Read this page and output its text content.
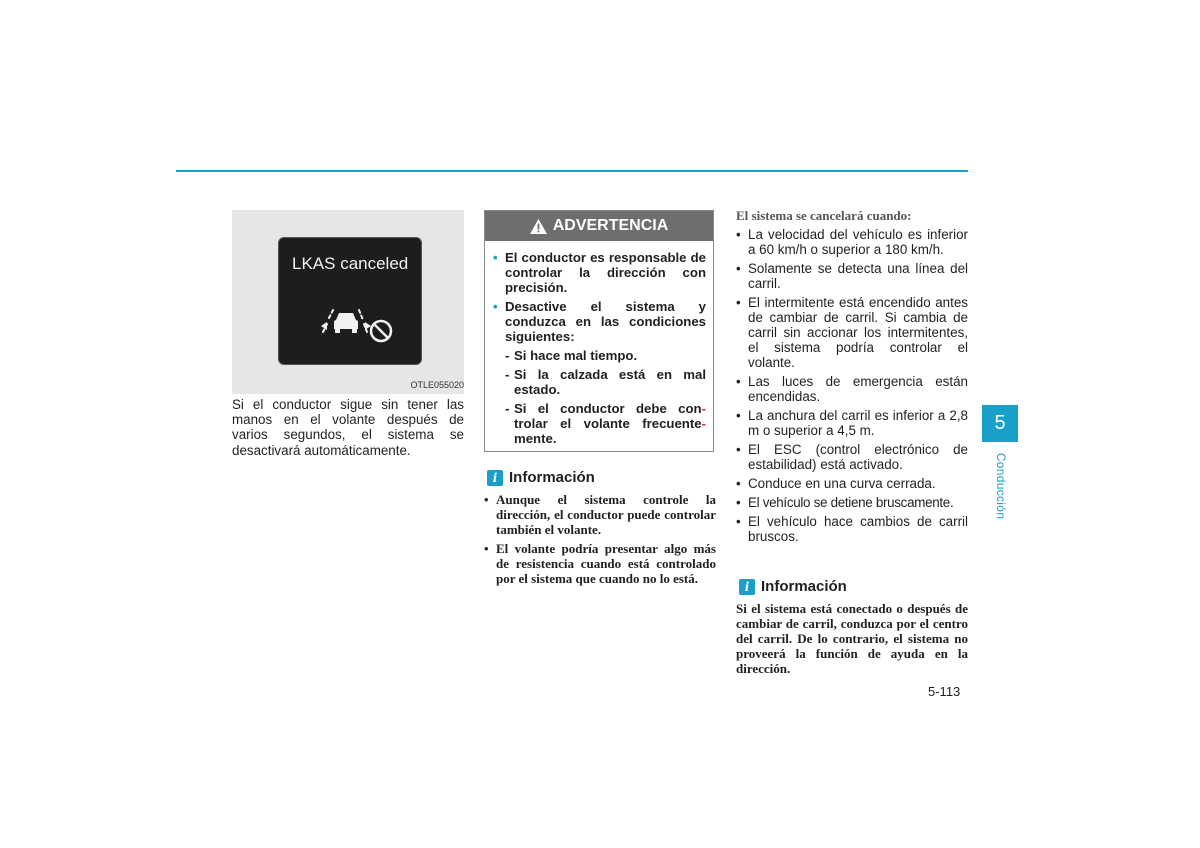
LKAS canceled
OTLE055020
Si el conductor sigue sin tener las manos en el volante después de varios segundos, el sistema se desactivará automáticamente.
ADVERTENCIA
• El conductor es responsable de controlar la dirección con precisión.
• Desactive el sistema y conduzca en las condiciones siguientes:
- Si hace mal tiempo.
- Si la calzada está en mal estado.
- Si el conductor debe con- trolar el volante frecuente- mente.
i Información
• Aunque el sistema controle la dirección, el conductor puede controlar también el volante.
• El volante podría presentar algo más de resistencia cuando está controlado por el sistema que cuando no lo está.
El sistema se cancelará cuando:
• La velocidad del vehículo es inferior a 60 km/h o superior a 180 km/h.
• Solamente se detecta una línea del carril.
• El intermitente está encendido antes de cambiar de carril. Si cambia de carril sin accionar los intermitentes, el sistema podría controlar el volante.
• Las luces de emergencia están encendidas.
• La anchura del carril es inferior a 2,8 m o superior a 4,5 m.
• El ESC (control electrónico de estabilidad) está activado.
• Conduce en una curva cerrada.
• El vehículo se detiene bruscamente.
• El vehículo hace cambios de carril bruscos.
i Información
Si el sistema está conectado o después de cambiar de carril, conduzca por el centro del carril. De lo contrario, el sistema no proveerá la función de ayuda en la dirección.
5-113
5
Conducción
